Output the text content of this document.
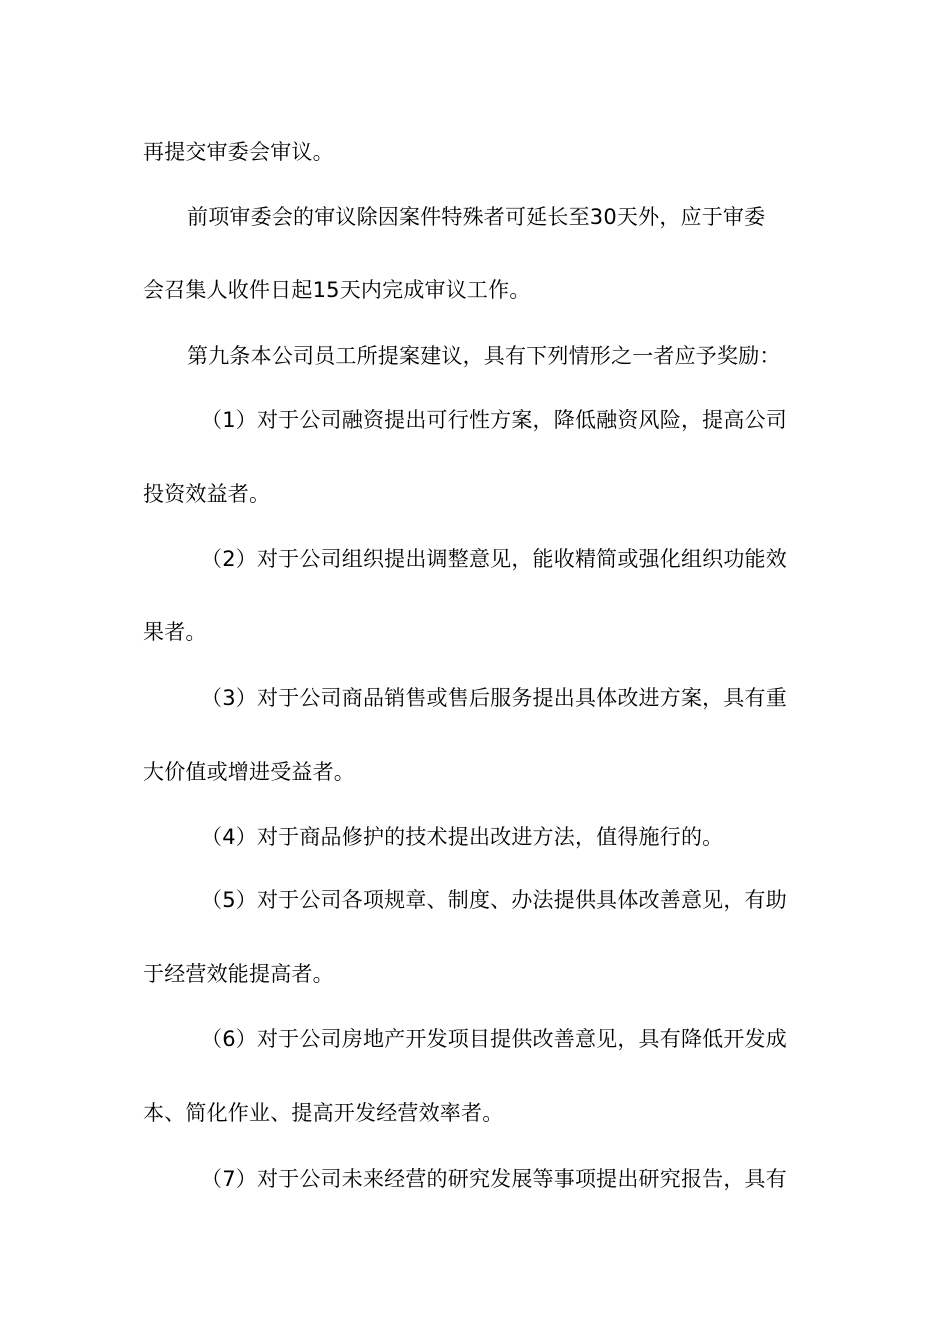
再提交审委会审议。
前项审委会的审议除因案件特殊者可延长至30天外，应于审委
会召集人收件日起15天内完成审议工作。
第九条本公司员工所提案建议，具有下列情形之一者应予奖励：
（1）对于公司融资提出可行性方案，降低融资风险，提高公司
投资效益者。
（2）对于公司组织提出调整意见，能收精简或强化组织功能效
果者。
（3）对于公司商品销售或售后服务提出具体改进方案，具有重
大价值或增进受益者。
（4）对于商品修护的技术提出改进方法，值得施行的。
（5）对于公司各项规章、制度、办法提供具体改善意见，有助
于经营效能提高者。
（6）对于公司房地产开发项目提供改善意见，具有降低开发成
本、简化作业、提高开发经营效率者。
（7）对于公司未来经营的研究发展等事项提出研究报告，具有
